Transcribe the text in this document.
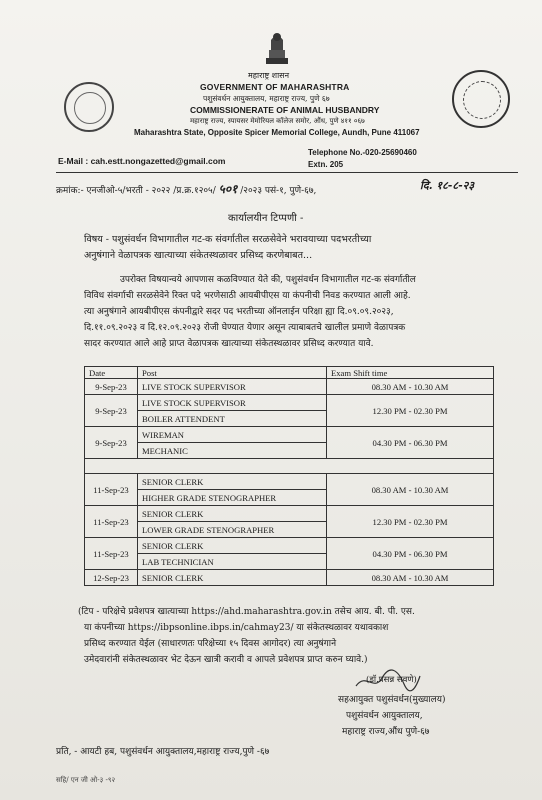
महाराष्ट्र शासन
GOVERNMENT OF MAHARASHTRA
पशुसंवर्धन आयुक्तालय, महाराष्ट्र राज्य, पुणे ६७
COMMISSIONERATE OF ANIMAL HUSBANDRY
महाराष्ट्र राज्य, स्पायसर मेमोरियल कॉलेज समोर, औंध, पुणे ४११ ०६७
Maharashtra State, Opposite Spicer Memorial College, Aundh, Pune 411067
E-Mail : cah.estt.nongazetted@gmail.com
Telephone No.-020-25690460
Extn. 205
क्रमांक:- एनजीओ-५/भरती - २०२२ /प्र.क्र.१२०५/ ५०१ /२०२३ पसं-१, पुणे-६७,	दि. १८-८-२३
कार्यालयीन टिप्पणी -
विषय - पशुसंवर्धन विभागातील गट-क संवर्गातील सरळसेवेने भरावयाच्या पदभरतीच्या
अनुषंगाने वेळापत्रक खात्याच्या संकेतस्थळावर प्रसिध्द करणेबाबत...
उपरोक्त विषयान्वये आपणास कळविण्यात येते की, पशुसंवर्धन विभागातील गट-क संवर्गातील
विविध संवर्गाची सरळसेवेने रिक्त पदे भरणेसाठी आयबीपीएस या कंपनीची निवड करण्यात आली आहे.
त्या अनुषंगाने आयबीपीएस कंपनीद्वारे सदर पद भरतीच्या ऑनलाईन परिक्षा ह्या दि.०९.०९.२०२३,
दि.११.०९.२०२३ व दि.१२.०९.२०२३ रोजी घेण्यात येणार असून त्याबाबतचे खालील प्रमाणे वेळापत्रक
सादर करण्यात आले आहे प्राप्त वेळापत्रक खात्याच्या संकेतस्थळावर प्रसिध्द करण्यात यावे.
Date	Post	Exam Shift time
9-Sep-23	LIVE STOCK SUPERVISOR	08.30 AM - 10.30 AM
9-Sep-23	LIVE STOCK SUPERVISOR	12.30 PM - 02.30 PM
	BOILER ATTENDENT	
9-Sep-23	WIREMAN	04.30 PM - 06.30 PM
	MECHANIC	

11-Sep-23	SENIOR CLERK	08.30 AM - 10.30 AM
	HIGHER GRADE STENOGRAPHER	
11-Sep-23	SENIOR CLERK	12.30 PM - 02.30 PM
	LOWER GRADE STENOGRAPHER	
11-Sep-23	SENIOR CLERK	04.30 PM - 06.30 PM
	LAB TECHNICIAN	
12-Sep-23	SENIOR CLERK	08.30 AM - 10.30 AM
(टिप - परिक्षेचे प्रवेशपत्र खात्याच्या https://ahd.maharashtra.gov.in तसेच आय. बी. पी. एस.
या कंपनीच्या https://ibpsonline.ibps.in/cahmay23/ या संकेतस्थळावर यथावकाश
प्रसिध्द करण्यात येईल (साधारणतः परिक्षेच्या १५ दिवस आगोदर) त्या अनुषंगाने
उमेदवारांनी संकेतस्थळावर भेट देऊन खात्री करावी व आपले प्रवेशपत्र प्राप्त करुन घ्यावे.)
(डॉ.प्रसन्न सवणे)
सहआयुक्त पशुसंवर्धन(मुख्यालय)
पशुसंवर्धन आयुक्तालय,
महाराष्ट्र राज्य,औंध पुणे-६७
प्रति, - आयटी हब, पशुसंवर्धन आयुक्तालय,महाराष्ट्र राज्य,पुणे -६७
सहि/ एन जी ओ-३ -९२
